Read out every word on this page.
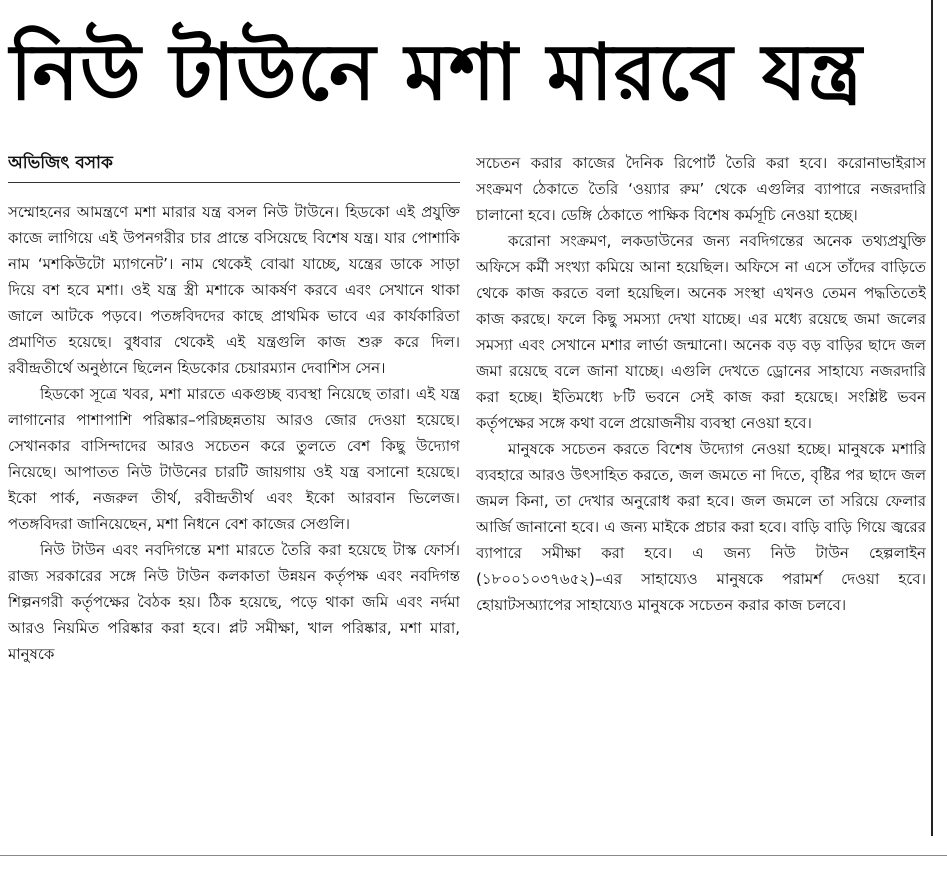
নিউ টাউনে মশা মারবে যন্ত্র
অভিজিৎ বসাক

সম্মোহনের আমন্ত্রণে মশা মারার যন্ত্র বসল নিউ টাউনে। হিডকো এই প্রযুক্তি কাজে লাগিয়ে এই উপনগরীর চার প্রান্তে বসিয়েছে বিশেষ যন্ত্র। যার পোশাকি নাম ‘মশকিউটো ম্যাগনেট’। নাম থেকেই বোঝা যাচ্ছে, যন্ত্রের ডাকে সাড়া দিয়ে বশ হবে মশা। ওই যন্ত্র স্ত্রী মশাকে আকর্ষণ করবে এবং সেখানে থাকা জালে আটকে পড়বে। পতঙ্গবিদদের কাছে প্রাথমিক ভাবে এর কার্যকারিতা প্রমাণিত হয়েছে। বুধবার থেকেই এই যন্ত্রগুলি কাজ শুরু করে দিল। রবীন্দ্রতীর্থে অনুষ্ঠানে ছিলেন হিডকোর চেয়ারম্যান দেবাশিস সেন।

হিডকো সূত্রে খবর, মশা মারতে একগুচ্ছ ব্যবস্থা নিয়েছে তারা। এই যন্ত্র লাগানোর পাশাপাশি পরিষ্কার–পরিচ্ছন্নতায় আরও জোর দেওয়া হয়েছে। সেখানকার বাসিন্দাদের আরও সচেতন করে তুলতে বেশ কিছু উদ্যোগ নিয়েছে। আপাতত নিউ টাউনের চারটি জায়গায় ওই যন্ত্র বসানো হয়েছে। ইকো পার্ক, নজরুল তীর্থ, রবীন্দ্রতীর্থ এবং ইকো আরবান ভিলেজ। পতঙ্গবিদরা জানিয়েছেন, মশা নিধনে বেশ কাজের সেগুলি।

নিউ টাউন এবং নবদিগন্তে মশা মারতে তৈরি করা হয়েছে টাস্ক ফোর্স। রাজ্য সরকারের সঙ্গে নিউ টাউন কলকাতা উন্নয়ন কর্তৃপক্ষ এবং নবদিগন্ত শিল্পনগরী কর্তৃপক্ষের বৈঠক হয়। ঠিক হয়েছে, পড়ে থাকা জমি এবং নর্দমা আরও নিয়মিত পরিষ্কার করা হবে। প্লট সমীক্ষা, খাল পরিষ্কার, মশা মারা, মানুষকে

সচেতন করার কাজের দৈনিক রিপোর্ট তৈরি করা হবে। করোনাভাইরাস সংক্রমণ ঠেকাতে তৈরি ‘ওয়্যার রুম’ থেকে এগুলির ব্যাপারে নজরদারি চালানো হবে। ডেঙ্গি ঠেকাতে পাক্ষিক বিশেষ কর্মসূচি নেওয়া হচ্ছে।

করোনা সংক্রমণ, লকডাউনের জন্য নবদিগন্তের অনেক তথ্যপ্রযুক্তি অফিসে কর্মী সংখ্যা কমিয়ে আনা হয়েছিল। অফিসে না এসে তাঁদের বাড়িতে থেকে কাজ করতে বলা হয়েছিল। অনেক সংস্থা এখনও তেমন পদ্ধতিতেই কাজ করছে। ফলে কিছু সমস্যা দেখা যাচ্ছে। এর মধ্যে রয়েছে জমা জলের সমস্যা এবং সেখানে মশার লার্ভা জন্মানো। অনেক বড় বড় বাড়ির ছাদে জল জমা রয়েছে বলে জানা যাচ্ছে। এগুলি দেখতে ড্রোনের সাহায্যে নজরদারি করা হচ্ছে। ইতিমধ্যে ৮টি ভবনে সেই কাজ করা হয়েছে। সংশ্লিষ্ট ভবন কর্তৃপক্ষের সঙ্গে কথা বলে প্রয়োজনীয় ব্যবস্থা নেওয়া হবে।

মানুষকে সচেতন করতে বিশেষ উদ্যোগ নেওয়া হচ্ছে। মানুষকে মশারি ব্যবহারে আরও উৎসাহিত করতে, জল জমতে না দিতে, বৃষ্টির পর ছাদে জল জমল কিনা, তা দেখার অনুরোধ করা হবে। জল জমলে তা সরিয়ে ফেলার আর্জি জানানো হবে। এ জন্য মাইকে প্রচার করা হবে। বাড়ি বাড়ি গিয়ে জ্বরের ব্যাপারে সমীক্ষা করা হবে। এ জন্য নিউ টাউন হেল্পলাইন (১৮০০১০৩৭৬৫২)–এর সাহায্যেও মানুষকে পরামর্শ দেওয়া হবে। হোয়াটসঅ্যাপের সাহায্যেও মানুষকে সচেতন করার কাজ চলবে।
